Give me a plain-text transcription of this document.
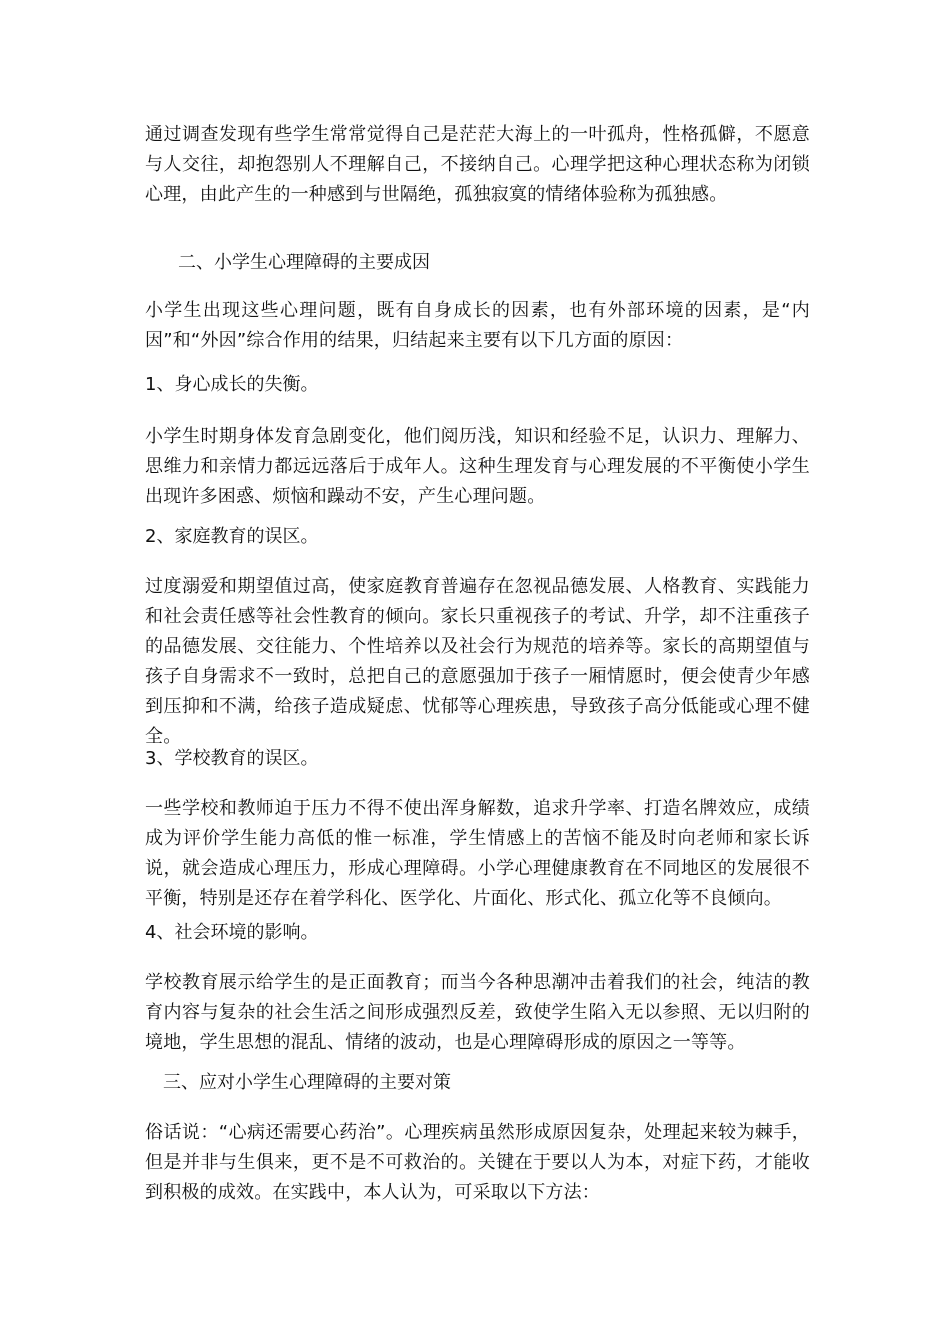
通过调查发现有些学生常常觉得自己是茫茫大海上的一叶孤舟，性格孤僻，不愿意与人交往，却抱怨别人不理解自己，不接纳自己。心理学把这种心理状态称为闭锁心理，由此产生的一种感到与世隔绝，孤独寂寞的情绪体验称为孤独感。

二、小学生心理障碍的主要成因

小学生出现这些心理问题，既有自身成长的因素，也有外部环境的因素，是“内因”和“外因”综合作用的结果，归结起来主要有以下几方面的原因：

1、身心成长的失衡。

小学生时期身体发育急剧变化，他们阅历浅，知识和经验不足，认识力、理解力、思维力和亲情力都远远落后于成年人。这种生理发育与心理发展的不平衡使小学生出现许多困惑、烦恼和躁动不安，产生心理问题。

2、家庭教育的误区。

过度溺爱和期望值过高，使家庭教育普遍存在忽视品德发展、人格教育、实践能力和社会责任感等社会性教育的倾向。家长只重视孩子的考试、升学，却不注重孩子的品德发展、交往能力、个性培养以及社会行为规范的培养等。家长的高期望值与孩子自身需求不一致时，总把自己的意愿强加于孩子一厢情愿时，便会使青少年感到压抑和不满，给孩子造成疑虑、忧郁等心理疾患，导致孩子高分低能或心理不健全。

3、学校教育的误区。

一些学校和教师迫于压力不得不使出浑身解数，追求升学率、打造名牌效应，成绩成为评价学生能力高低的惟一标准，学生情感上的苦恼不能及时向老师和家长诉说，就会造成心理压力，形成心理障碍。小学心理健康教育在不同地区的发展很不平衡，特别是还存在着学科化、医学化、片面化、形式化、孤立化等不良倾向。

4、社会环境的影响。

学校教育展示给学生的是正面教育；而当今各种思潮冲击着我们的社会，纯洁的教育内容与复杂的社会生活之间形成强烈反差，致使学生陷入无以参照、无以归附的境地，学生思想的混乱、情绪的波动，也是心理障碍形成的原因之一等等。

三、应对小学生心理障碍的主要对策

俗话说：“心病还需要心药治”。心理疾病虽然形成原因复杂，处理起来较为棘手，但是并非与生俱来，更不是不可救治的。关键在于要以人为本，对症下药，才能收到积极的成效。在实践中，本人认为，可采取以下方法：
